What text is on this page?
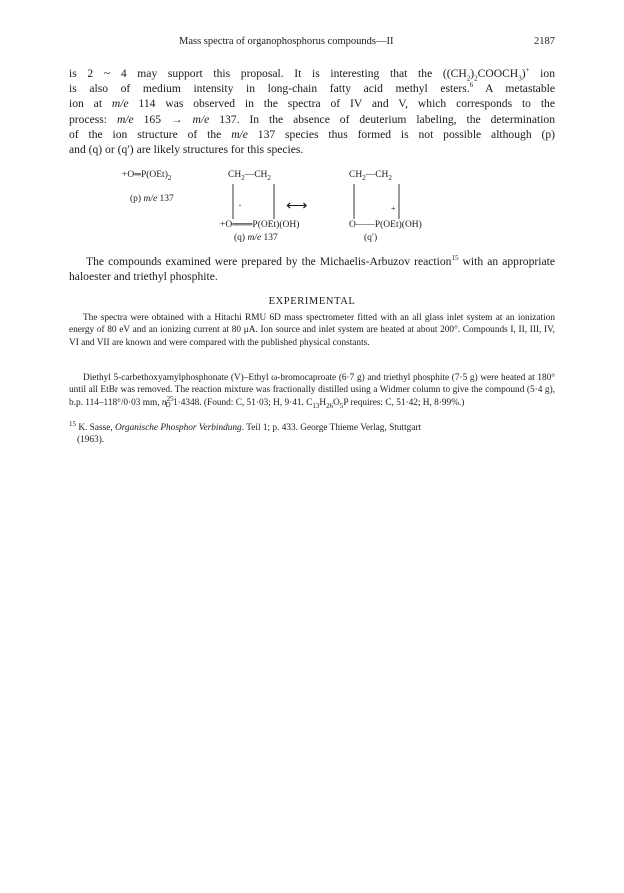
Mass spectra of organophosphorus compounds—II	2187
is 2 ~ 4 may support this proposal. It is interesting that the $((CH_2)_2COOCH_3)^+$ ion
is also of medium intensity in long-chain fatty acid methyl esters.$^6$ A metastable
ion at m/e 114 was observed in the spectra of IV and V, which corresponds to the
process: m/e 165 → m/e 137. In the absence of deuterium labeling, the determination
of the ion structure of the m/e 137 species thus formed is not possible although (p)
and (q) or (q′) are likely structures for this species.
$+O═P(OEt)_2$
(p) m/e 137
$CH_2—CH_2$	$CH_2—CH_2$
·	⟷	+
+O═══P(OEt)(OH)	O——P(OEt)(OH)
(q) m/e 137	(q′)
The compounds examined were prepared by the Michaelis-Arbuzov reaction$^{15}$ with an appropriate haloester and triethyl phosphite.
EXPERIMENTAL
The spectra were obtained with a Hitachi RMU 6D mass spectrometer fitted with an all glass inlet system at an ionization energy of 80 eV and an ionizing current at 80 μA. Ion source and inlet system are heated at about 200°. Compounds I, II, III, IV, VI and VII are known and were compared with the published physical constants.
Diethyl 5-carbethoxyamylphosphonate (V)–Ethyl ω-bromocaproate (6·7 g) and triethyl phosphite (7·5 g) were heated at 180° until all EtBr was removed. The reaction mixture was fractionally distilled using a Widmer column to give the compound (5·4 g), b.p. 114–118°/0·03 mm, $n^{25}_D$ 1·4348. (Found: C, 51·03; H, 9·41. $C_{13}H_{26}O_5P$ requires: C, 51·42; H, 8·99%.)
$^{15}$ K. Sasse, Organische Phosphor Verbindung. Teil 1; p. 433. George Thieme Verlag, Stuttgart
(1963).
